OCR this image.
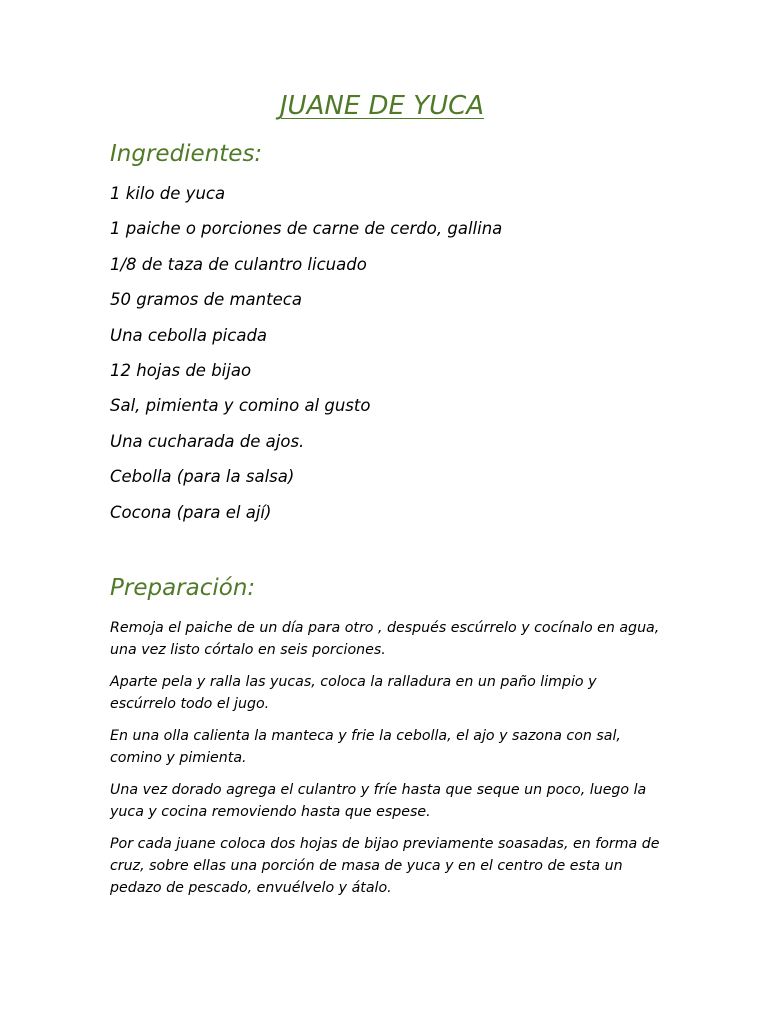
JUANE DE YUCA
Ingredientes:
1 kilo de yuca
1 paiche o porciones de carne de cerdo, gallina
1/8 de taza de culantro licuado
50 gramos de manteca
Una cebolla picada
12 hojas de bijao
Sal, pimienta y comino al gusto
Una cucharada de ajos.
Cebolla (para la salsa)
Cocona (para el ají)
Preparación:

Remoja el paiche de un día para otro , después escúrrelo y cocínalo en agua, una vez listo córtalo en seis porciones.

Aparte pela y ralla las yucas, coloca la ralladura en un paño limpio y escúrrelo todo el jugo.

En una olla calienta la manteca y frie la cebolla, el ajo y sazona con sal, comino y pimienta.

Una vez dorado agrega el culantro y fríe hasta que seque un poco, luego la yuca y cocina removiendo hasta que espese.

Por cada juane coloca dos hojas de bijao previamente soasadas, en forma de cruz, sobre ellas una porción de masa de yuca y en el centro de esta un pedazo de pescado, envuélvelo y átalo.
